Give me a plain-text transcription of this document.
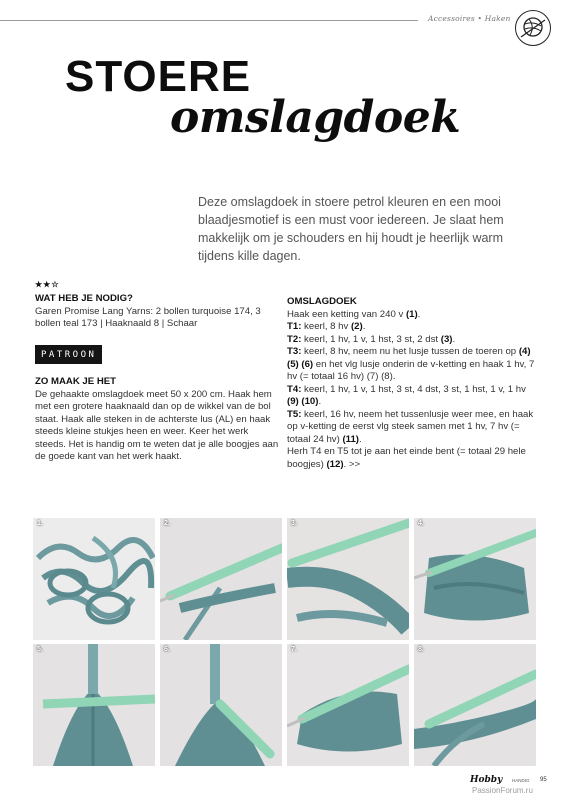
Accessoires • Haken
STOERE
omslagdoek
Deze omslagdoek in stoere petrol kleuren en een mooi blaadjesmotief is een must voor iedereen. Je slaat hem makkelijk om je schouders en hij houdt je heerlijk warm tijdens kille dagen.
★★☆
WAT HEB JE NODIG?
Garen Promise Lang Yarns: 2 bollen turquoise 174, 3 bollen teal 173 | Haaknaald 8 | Schaar
PATROON
ZO MAAK JE HET
De gehaakte omslagdoek meet 50 x 200 cm. Haak hem met een grotere haaknaald dan op de wikkel van de bol staat. Haak alle steken in de achterste lus (AL) en haak steeds kleine stukjes heen en weer. Keer het werk steeds. Het is handig om te weten dat je alle boogjes aan de goede kant van het werk haakt.
OMSLAGDOEK
Haak een ketting van 240 v (1).
T1: keerl, 8 hv (2).
T2: keerl, 1 hv, 1 v, 1 hst, 3 st, 2 dst (3).
T3: keerl, 8 hv, neem nu het lusje tussen de toeren op (4) (5) (6) en het vlg lusje onderin de v-ketting en haak 1 hv, 7 hv (= totaal 16 hv) (7) (8).
T4: keerl, 1 hv, 1 v, 1 hst, 3 st, 4 dst, 3 st, 1 hst, 1 v, 1 hv (9) (10).
T5: keerl, 16 hv, neem het tussenlusje weer mee, en haak op v-ketting de eerst vlg steek samen met 1 hv, 7 hv (= totaal 24 hv) (11).
Herh T4 en T5 tot je aan het einde bent (= totaal 29 hele boogjes) (12). >>
1.	2.	3.	4.
5.	6.	7.	8.
Hobby HANDIG 95
PassionForum.ru
